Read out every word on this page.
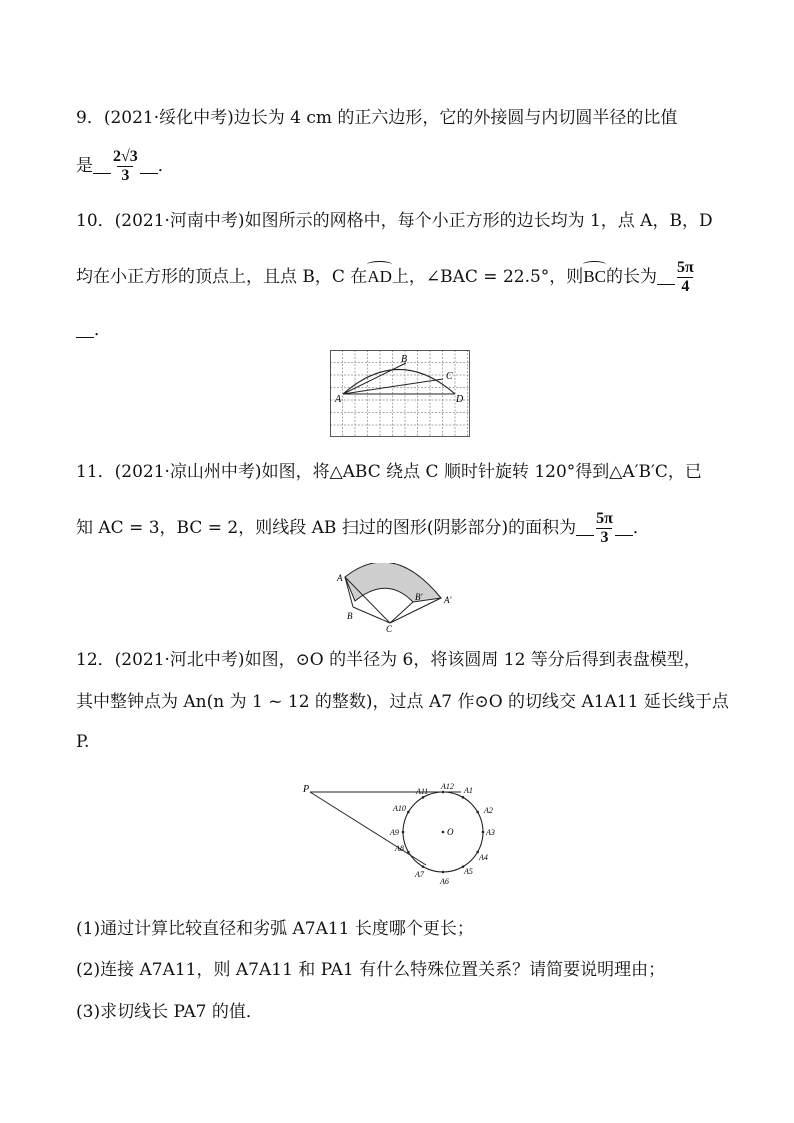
9．(2021·绥化中考)边长为 4 cm 的正六边形，它的外接圆与内切圆半径的比值
是 $\frac{2√3}{3}$ ．
10．(2021·河南中考)如图所示的网格中，每个小正方形的边长均为 1，点 A，B，D
均在小正方形的顶点上，且点 B，C 在AD上，∠BAC = 22.5°，则BC的长为 $\frac{5\pi}{4}$
．
A
B
C
D
11．(2021·凉山州中考)如图，将△ABC 绕点 C 顺时针旋转 120°得到△A′B′C，已
知 AC = 3，BC = 2，则线段 AB 扫过的图形(阴影部分)的面积为 $\frac{5\pi}{3}$ ．
A
B
C
A′
B′
12．(2021·河北中考)如图，⊙O 的半径为 6，将该圆周 12 等分后得到表盘模型，
其中整钟点为 An(n 为 1 ~ 12 的整数)，过点 A7 作⊙O 的切线交 A1A11 延长线于点
P.
P
O
A1
A2
A3
A4
A5
A6
A7
A8
A9
A10
A11
A12
(1)通过计算比较直径和劣弧 A7A11 长度哪个更长；
(2)连接 A7A11，则 A7A11 和 PA1 有什么特殊位置关系？请简要说明理由；
(3)求切线长 PA7 的值．
